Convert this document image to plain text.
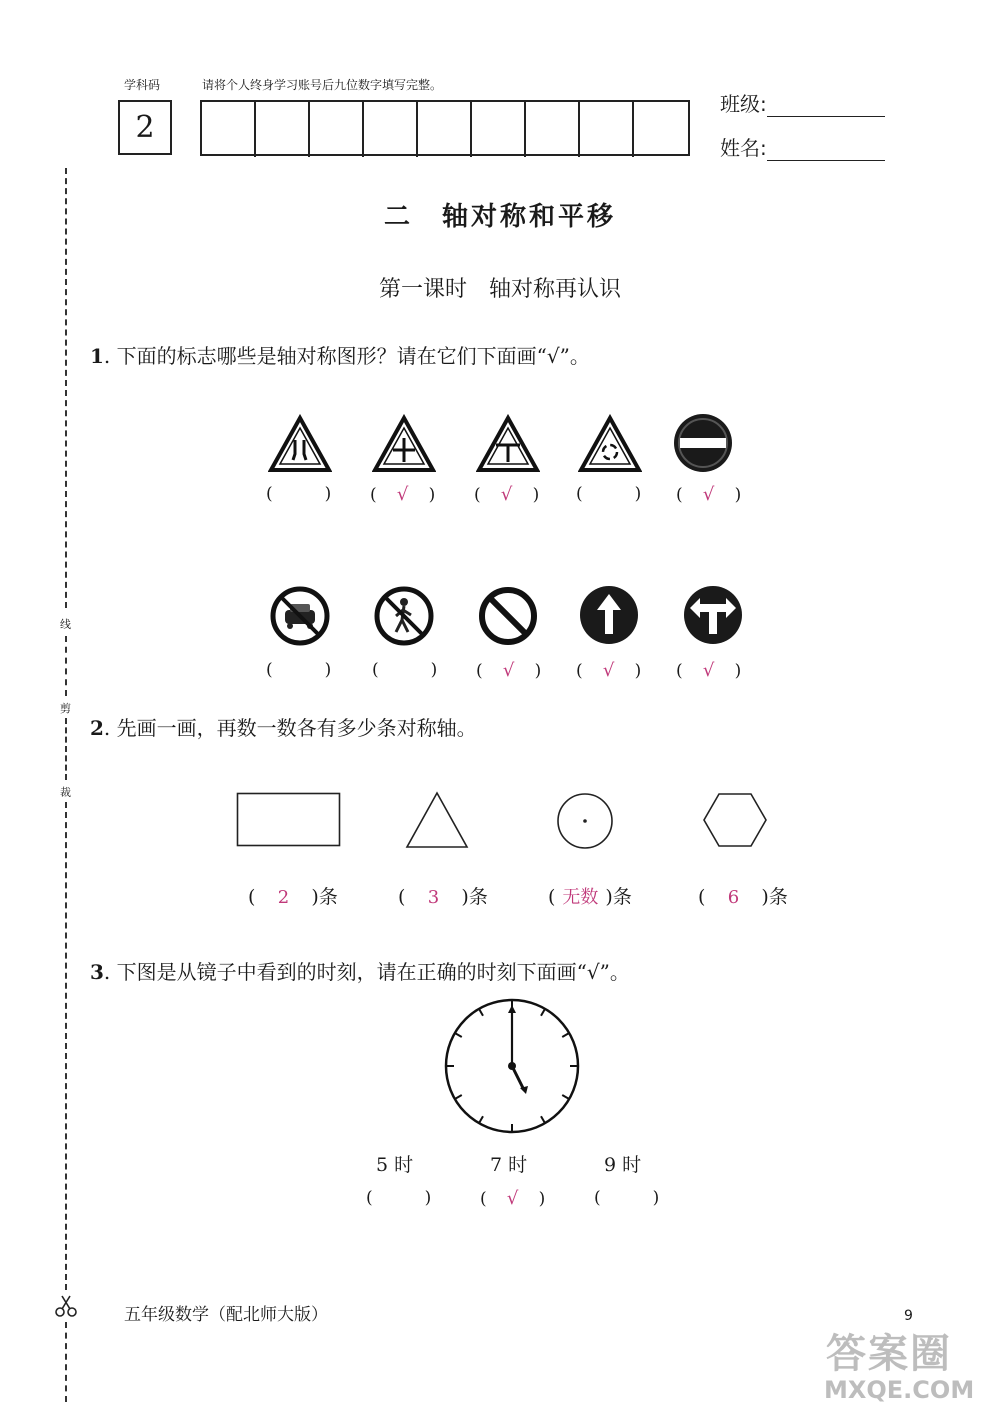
学科码
2
请将个人终身学习账号后九位数字填写完整。
班级:
姓名:
线
剪
裁
二　轴对称和平移
第一课时　轴对称再认识
1. 下面的标志哪些是轴对称图形？请在它们下面画“√”。
(	) ( √ ) ( √ ) (	) ( √ )
(	) (	) ( √ ) ( √ ) ( √ )
2. 先画一画，再数一数各有多少条对称轴。
( 2 )条	( 3 )条	( 无数 )条	( 6 )条
3. 下图是从镜子中看到的时刻，请在正确的时刻下面画“√”。
5 时	7 时	9 时
(	)	( √ )	(	)
五年级数学（配北师大版）	9
答案圈
MXQE.COM
